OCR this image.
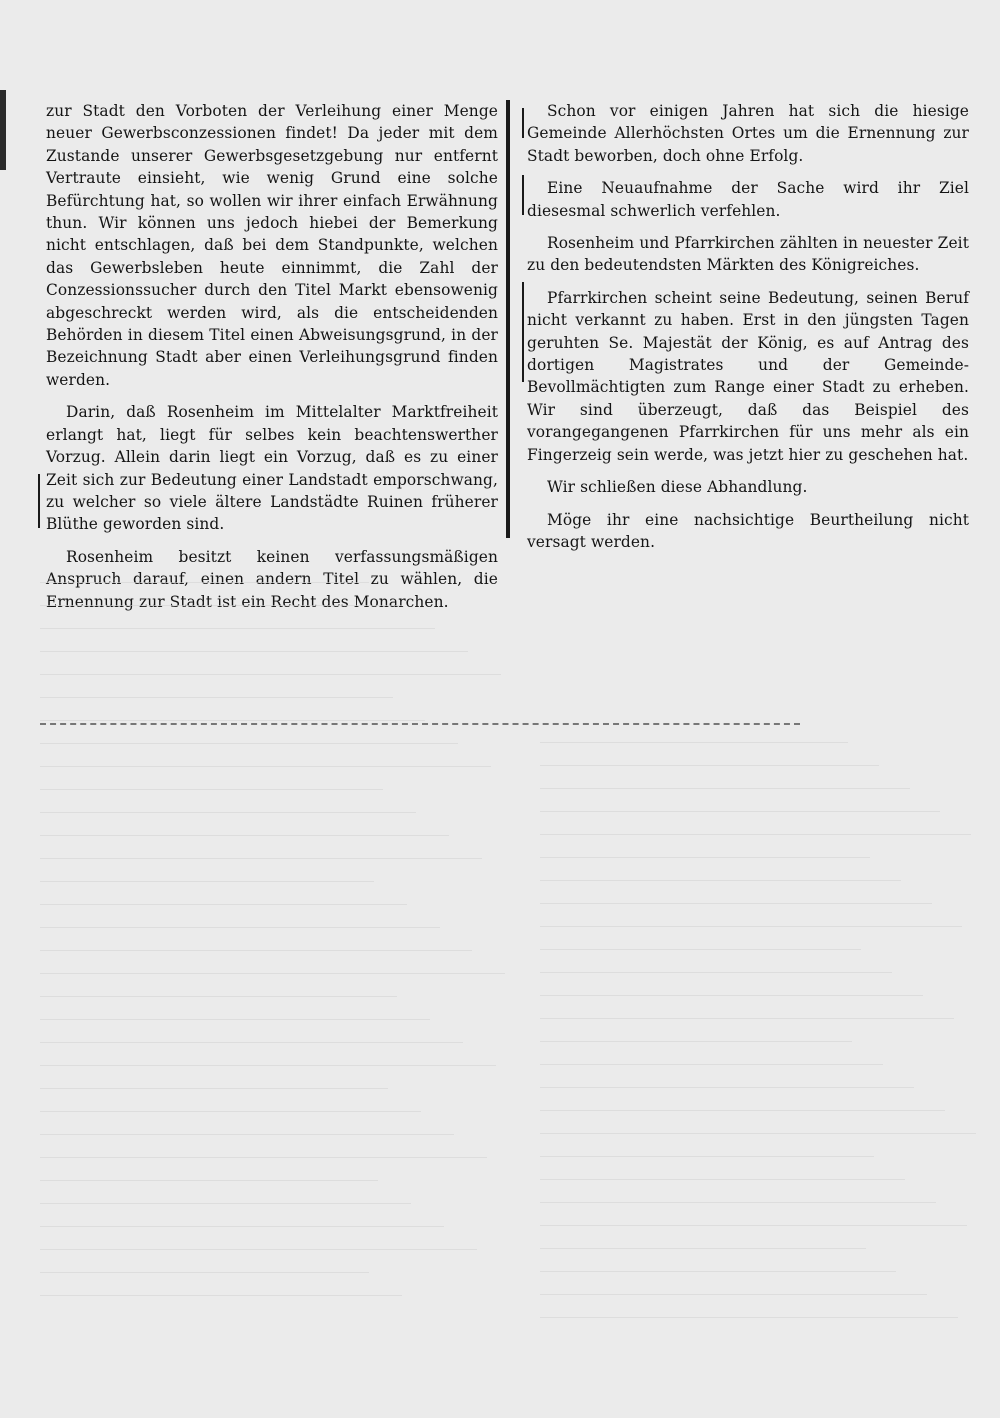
zur Stadt den Vorboten der Verleihung einer Menge neuer Gewerbsconzessionen findet! Da jeder mit dem Zustande unserer Gewerbsgesetzgebung nur entfernt Vertraute einsieht, wie wenig Grund eine solche Befürchtung hat, so wollen wir ihrer einfach Erwähnung thun. Wir können uns jedoch hiebei der Bemerkung nicht entschlagen, daß bei dem Standpunkte, welchen das Gewerbsleben heute einnimmt, die Zahl der Conzessionssucher durch den Titel Markt ebensowenig abgeschreckt werden wird, als die entscheidenden Behörden in diesem Titel einen Abweisungsgrund, in der Bezeichnung Stadt aber einen Verleihungsgrund finden werden.

Darin, daß Rosenheim im Mittelalter Marktfreiheit erlangt hat, liegt für selbes kein beachtenswerther Vorzug. Allein darin liegt ein Vorzug, daß es zu einer Zeit sich zur Bedeutung einer Landstadt emporschwang, zu welcher so viele ältere Landstädte Ruinen früherer Blüthe geworden sind.

Rosenheim besitzt keinen verfassungsmäßigen Anspruch darauf, einen andern Titel zu wählen, die Ernennung zur Stadt ist ein Recht des Monarchen.

Schon vor einigen Jahren hat sich die hiesige Gemeinde Allerhöchsten Ortes um die Ernennung zur Stadt beworben, doch ohne Erfolg.

Eine Neuaufnahme der Sache wird ihr Ziel diesesmal schwerlich verfehlen.

Rosenheim und Pfarrkirchen zählten in neuester Zeit zu den bedeutendsten Märkten des Königreiches.

Pfarrkirchen scheint seine Bedeutung, seinen Beruf nicht verkannt zu haben. Erst in den jüngsten Tagen geruhten Se. Majestät der König, es auf Antrag des dortigen Magistrates und der Gemeinde-Bevollmächtigten zum Range einer Stadt zu erheben. Wir sind überzeugt, daß das Beispiel des vorangegangenen Pfarrkirchen für uns mehr als ein Fingerzeig sein werde, was jetzt hier zu geschehen hat.

Wir schließen diese Abhandlung.

Möge ihr eine nachsichtige Beurtheilung nicht versagt werden.
